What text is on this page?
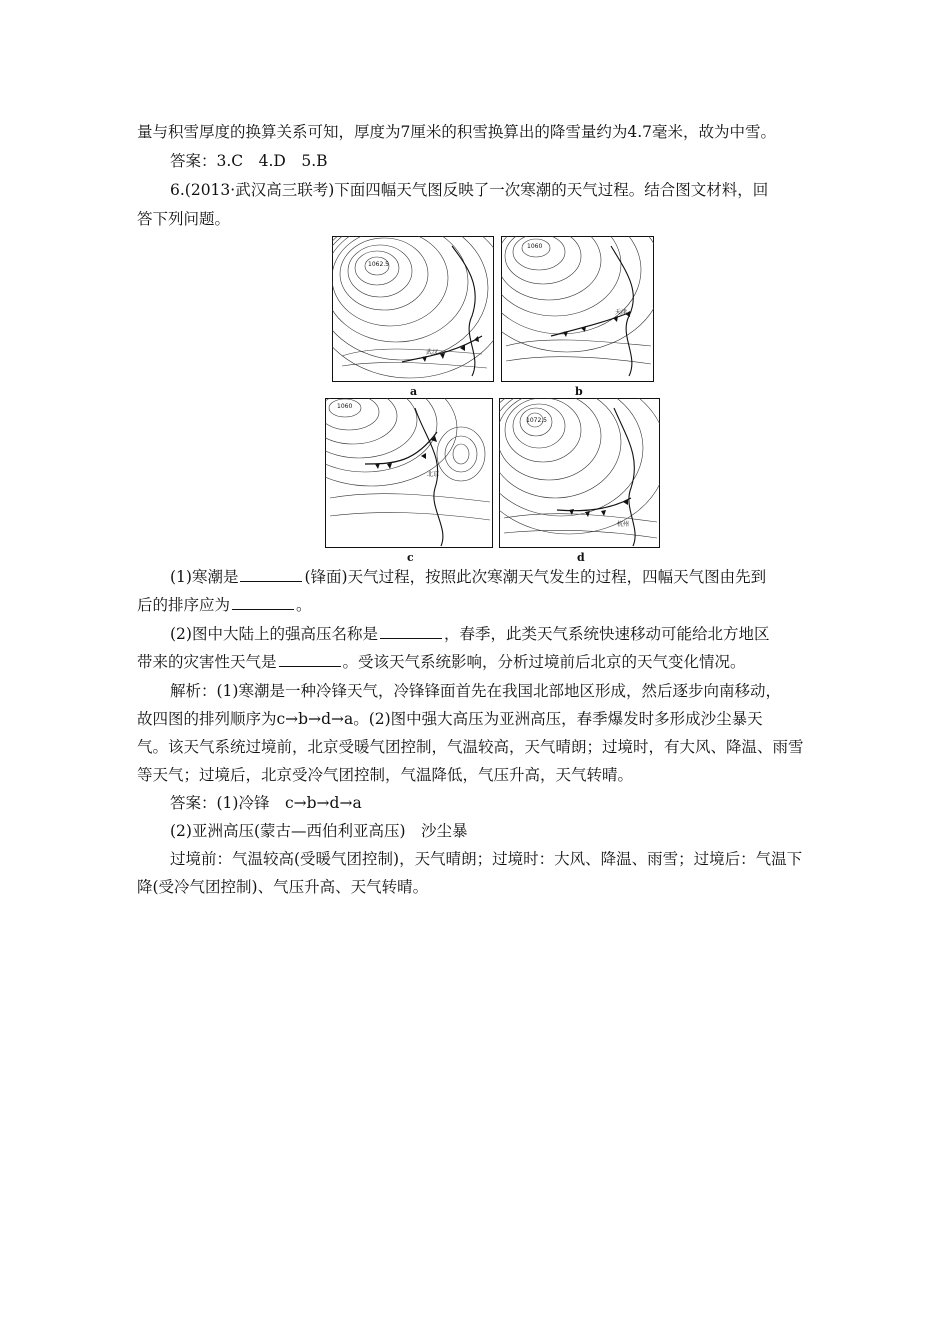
量与积雪厚度的换算关系可知，厚度为7厘米的积雪换算出的降雪量约为4.7毫米，故为中雪。
答案：3.C　4.D　5.B
6.(2013·武汉高三联考)下面四幅天气图反映了一次寒潮的天气过程。结合图文材料，回
答下列问题。
1062.5
武汉
a
1060
天津
b
1060
北京
c
1072.5
杭州
d
(1)寒潮是	(锋面)天气过程，按照此次寒潮天气发生的过程，四幅天气图由先到
后的排序应为	。
(2)图中大陆上的强高压名称是	，春季，此类天气系统快速移动可能给北方地区
带来的灾害性天气是	。受该天气系统影响，分析过境前后北京的天气变化情况。
解析：(1)寒潮是一种冷锋天气，冷锋锋面首先在我国北部地区形成，然后逐步向南移动，
故四图的排列顺序为c→b→d→a。(2)图中强大高压为亚洲高压，春季爆发时多形成沙尘暴天
气。该天气系统过境前，北京受暖气团控制，气温较高，天气晴朗；过境时，有大风、降温、雨雪
等天气；过境后，北京受冷气团控制，气温降低，气压升高，天气转晴。
答案：(1)冷锋　c→b→d→a
(2)亚洲高压(蒙古—西伯利亚高压)　沙尘暴
过境前：气温较高(受暖气团控制)，天气晴朗；过境时：大风、降温、雨雪；过境后：气温下
降(受冷气团控制)、气压升高、天气转晴。
